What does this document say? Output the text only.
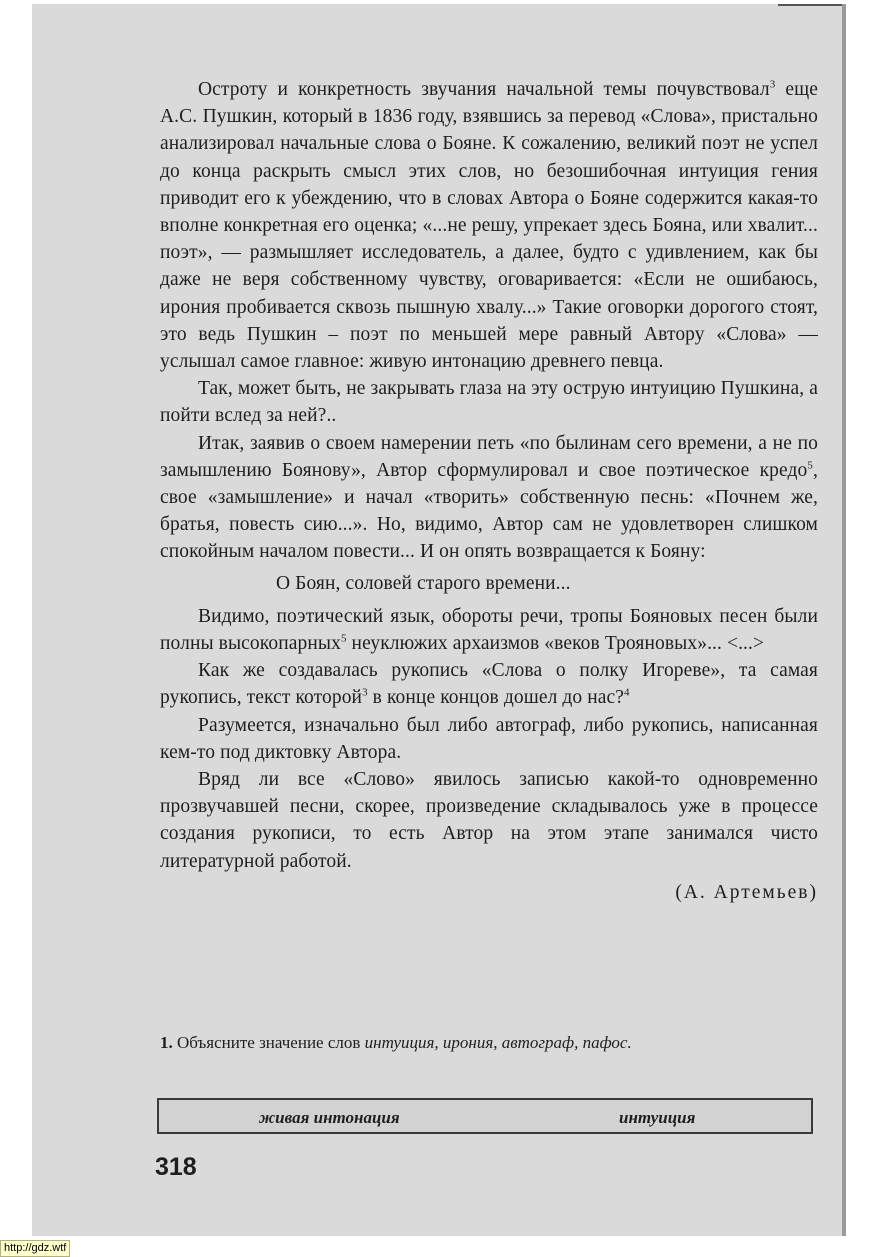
Остроту и конкретность звучания начальной темы почувствовал$^3$ еще А.С. Пушкин, который в 1836 году, взявшись за перевод «Слова», пристально анализировал начальные слова о Бояне. К сожалению, великий поэт не успел до конца раскрыть смысл этих слов, но безошибочная интуиция гения приводит его к убеждению, что в словах Автора о Бояне содержится какая-то вполне конкретная его оценка; «...не решу, упрекает здесь Бояна, или хвалит... поэт», — размышляет исследователь, а далее, будто с удивлением, как бы даже не веря собственному чувству, оговаривается: «Если не ошибаюсь, ирония пробивается сквозь пышную хвалу...» Такие оговорки дорогого стоят, это ведь Пушкин – поэт по меньшей мере равный Автору «Слова» — услышал самое главное: живую интонацию древнего певца.

Так, может быть, не закрывать глаза на эту острую интуицию Пушкина, а пойти вслед за ней?..

Итак, заявив о своем намерении петь «по былинам сего времени, а не по замышлению Боянову», Автор сформулировал и свое поэтическое кредо$^5$, свое «замышление» и начал «творить» собственную песнь: «Почнем же, братья, повесть сию...». Но, видимо, Автор сам не удовлетворен слишком спокойным началом повести... И он опять возвращается к Бояну:

О Боян, соловей старого времени...

Видимо, поэтический язык, обороты речи, тропы Бояновых песен были полны высокопарных$^5$ неуклюжих архаизмов «веков Трояновых»... <...>

Как же создавалась рукопись «Слова о полку Игореве», та самая рукопись, текст которой$^3$ в конце концов дошел до нас?$^4$

Разумеется, изначально был либо автограф, либо рукопись, написанная кем-то под диктовку Автора.

Вряд ли все «Слово» явилось записью какой-то одновременно прозвучавшей песни, скорее, произведение складывалось уже в процессе создания рукописи, то есть Автор на этом этапе занимался чисто литературной работой.

(А. Артемьев)

1. Объясните значение слов интуиция, ирония, автограф, пафос.
живая интонация	интуиция
318
http://gdz.wtf
